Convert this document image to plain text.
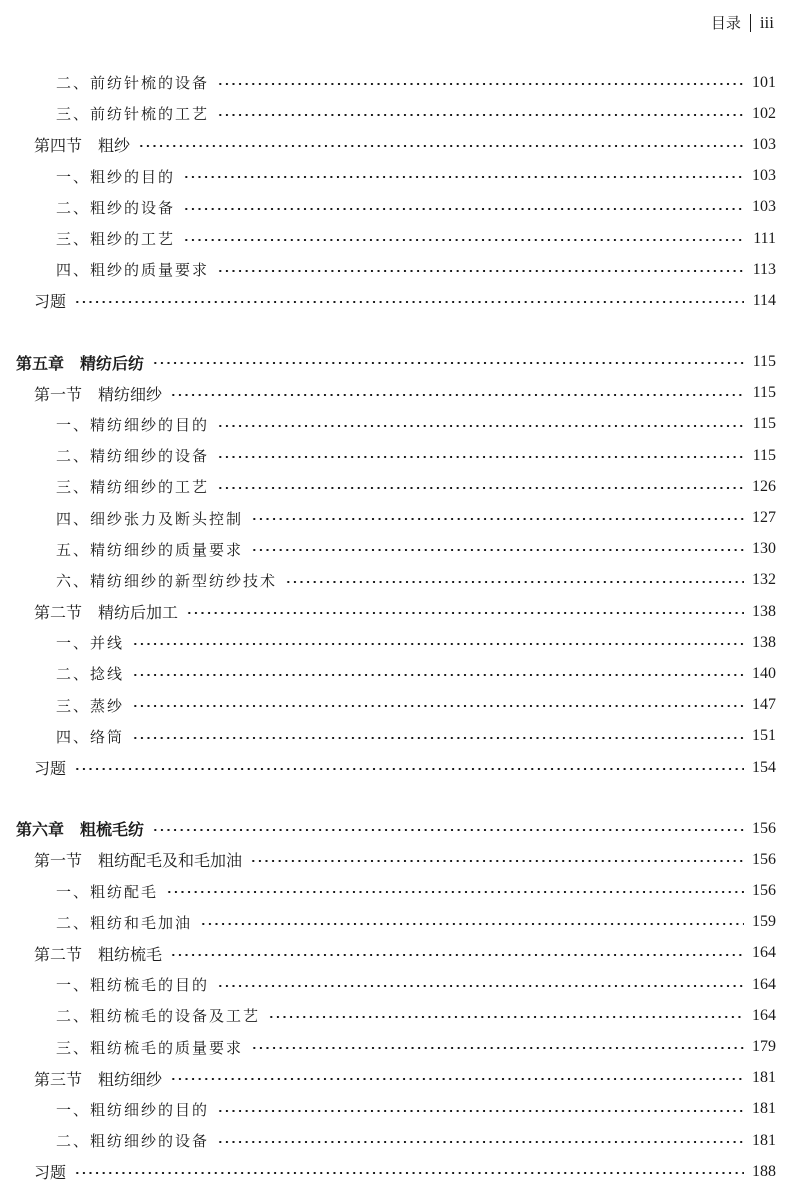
目录 iii
二、前纺针梳的设备	101
三、前纺针梳的工艺	102
第四节　粗纱	103
一、粗纱的目的	103
二、粗纱的设备	103
三、粗纱的工艺	111
四、粗纱的质量要求	113
习题	114
第五章　精纺后纺	115
第一节　精纺细纱	115
一、精纺细纱的目的	115
二、精纺细纱的设备	115
三、精纺细纱的工艺	126
四、细纱张力及断头控制	127
五、精纺细纱的质量要求	130
六、精纺细纱的新型纺纱技术	132
第二节　精纺后加工	138
一、并线	138
二、捻线	140
三、蒸纱	147
四、络筒	151
习题	154
第六章　粗梳毛纺	156
第一节　粗纺配毛及和毛加油	156
一、粗纺配毛	156
二、粗纺和毛加油	159
第二节　粗纺梳毛	164
一、粗纺梳毛的目的	164
二、粗纺梳毛的设备及工艺	164
三、粗纺梳毛的质量要求	179
第三节　粗纺细纱	181
一、粗纺细纱的目的	181
二、粗纺细纱的设备	181
习题	188
